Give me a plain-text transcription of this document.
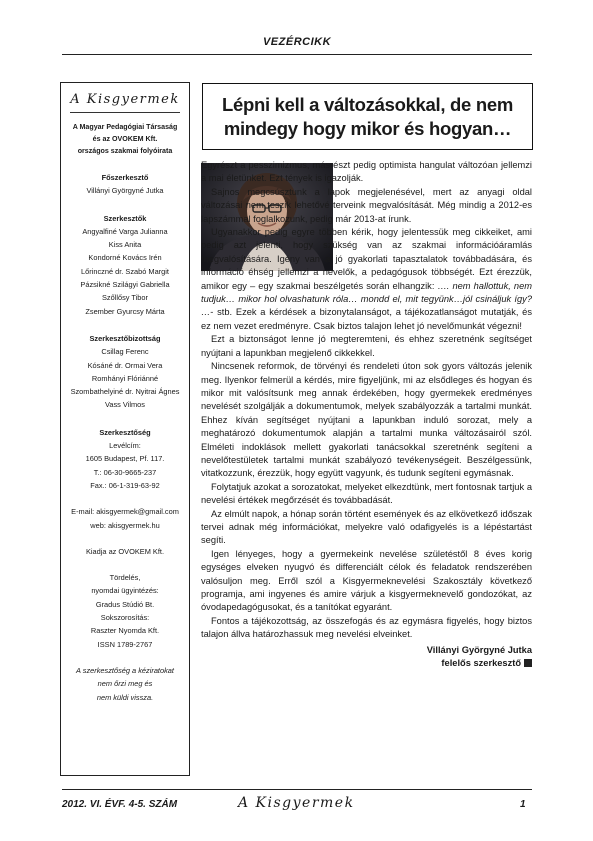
VEZÉRCIKK
A Kisgyermek
A Magyar Pedagógiai Társaság
és az OVOKEM Kft.
országos szakmai folyóirata
Főszerkesztő
Villányi Györgyné Jutka
Szerkesztők
Angyalfiné Varga Julianna
Kiss Anita
Kondorné Kovács Irén
Lőrinczné dr. Szabó Margit
Pázsikné Szilágyi Gabriella
Szőllősy Tibor
Zsember Gyurcsy Márta
Szerkesztőbizottság
Csillag Ferenc
Kósáné dr. Ormai Vera
Romhányi Flóriánné
Szombathelyiné dr. Nyitrai Ágnes
Vass Vilmos
Szerkesztőség
Levélcím:
1605 Budapest, Pf. 117.
T.: 06-30-9665-237
Fax.: 06-1-319-63-92
E-mail: akisgyermek@gmail.com
web: akisgyermek.hu
Kiadja az OVOKEM Kft.
Tördelés,
nyomdai ügyintézés:
Gradus Stúdió Bt.
Sokszorosítás:
Raszter Nyomda Kft.
ISSN 1789-2767
A szerkesztőség a kéziratokat
nem őrzi meg és
nem küldi vissza.
Lépni kell a változásokkal, de nem
mindegy hogy mikor és hogyan…

Egyrészt a pesszimizmus, másrészt pedig optimista hangulat változóan jellemzi a mai életünket. Ezt tények is igazolják.

Sajnos megcsúsztunk a lapok megjelenésével, mert az anyagi oldal változásai nem teszik lehetővé terveink megvalósítását. Még mindig a 2012-es lapszámmal foglalkozunk, pedig már 2013-at írunk.

Ugyanakkor pedig egyre többen kérik, hogy jelentessük meg cikkeiket, ami pedig azt jelenti, hogy szükség van az szakmai információáramlás megvalósítására. Igény van a jó gyakorlati tapasztalatok továbbadására, és információ éhség jellemzi a nevelők, a pedagógusok többségét. Ezt érezzük, amikor egy – egy szakmai beszélgetés során elhangzik: …. nem hallottuk, nem tudjuk… mikor hol olvashatunk róla… mondd el, mit tegyünk…jól csináljuk így? …- stb. Ezek a kérdések a bizonytalanságot, a tájékozatlanságot mutatják, és ez nem vezet eredményre. Csak biztos talajon lehet jó nevelőmunkát végezni!

Ezt a biztonságot lenne jó megteremteni, és ehhez szeretnénk segítséget nyújtani a lapunkban megjelenő cikkekkel.

Nincsenek reformok, de törvényi és rendeleti úton sok gyors változás jelenik meg. Ilyenkor felmerül a kérdés, mire figyeljünk, mi az elsődleges és hogyan és mikor mit valósítsunk meg annak érdekében, hogy gyermekek eredményes nevelését szolgálják a dokumentumok, melyek szabályozzák a tartalmi munkát. Ehhez kíván segítséget nyújtani a lapunkban induló sorozat, mely a meghatározó dokumentumok alapján a tartalmi munka változásairól szól. Elméleti indoklások mellett gyakorlati tanácsokkal szeretnénk segíteni a nevelőtestületek tartalmi munkát szabályozó tevékenységeit. Beszélgessünk, vitatkozzunk, érezzük, hogy együtt vagyunk, és tudunk segíteni egymásnak.

Folytatjuk azokat a sorozatokat, melyeket elkezdtünk, mert fontosnak tartjuk a nevelési értékek megőrzését és továbbadását.

Az elmúlt napok, a hónap során történt események és az elkövetkező időszak tervei adnak még információkat, melyekre való odafigyelés is a lépéstartást segíti.

Igen lényeges, hogy a gyermekeink nevelése születéstől 8 éves korig egységes elveken nyugvó és differenciált célok és feladatok rendszerében valósuljon meg. Erről szól a Kisgyermeknevelési Szakosztály következő programja, ami ingyenes és amire várjuk a kisgyermeknevelő gondozókat, az óvodapedagógusokat, és a tanítókat egyaránt.

Fontos a tájékozottság, az összefogás és az egymásra figyelés, hogy biztos talajon állva határozhassuk meg nevelési elveinket.

Villányi Györgyné Jutka
felelős szerkesztő
2012. VI. ÉVF. 4-5. SZÁM	A Kisgyermek	1
